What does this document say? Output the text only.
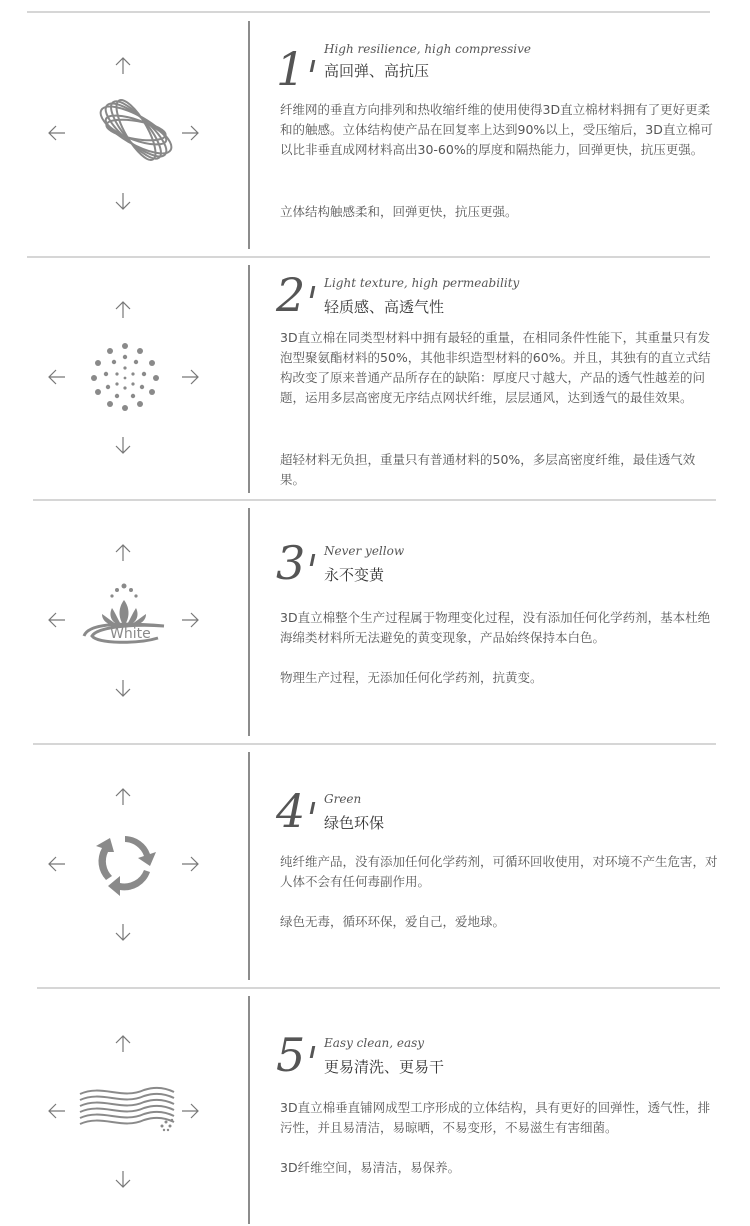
1 High resilience, high compressive
高回弹、高抗压

纤维网的垂直方向排列和热收缩纤维的使用使得3D直立棉材料拥有了更好更柔和的触感。立体结构使产品在回复率上达到90%以上，受压缩后，3D直立棉可以比非垂直成网材料高出30-60%的厚度和隔热能力，回弹更快，抗压更强。

立体结构触感柔和，回弹更快，抗压更强。

2 Light texture, high permeability
轻质感、高透气性

3D直立棉在同类型材料中拥有最轻的重量，在相同条件性能下，其重量只有发泡型聚氨酯材料的50%，其他非织造型材料的60%。并且，其独有的直立式结构改变了原来普通产品所存在的缺陷：厚度尺寸越大，产品的透气性越差的问题，运用多层高密度无序结点网状纤维，层层通风，达到透气的最佳效果。

超轻材料无负担，重量只有普通材料的50%，多层高密度纤维，最佳透气效果。

White
3 Never yellow
永不变黄

3D直立棉整个生产过程属于物理变化过程，没有添加任何化学药剂，基本杜绝海绵类材料所无法避免的黄变现象，产品始终保持本白色。

物理生产过程，无添加任何化学药剂，抗黄变。

4 Green
绿色环保

纯纤维产品，没有添加任何化学药剂，可循环回收使用，对环境不产生危害，对人体不会有任何毒副作用。

绿色无毒，循环环保，爱自己，爱地球。

5 Easy clean, easy
更易清洗、更易干

3D直立棉垂直铺网成型工序形成的立体结构，具有更好的回弹性，透气性，排污性，并且易清洁，易晾晒，不易变形，不易滋生有害细菌。

3D纤维空间，易清洁，易保养。
